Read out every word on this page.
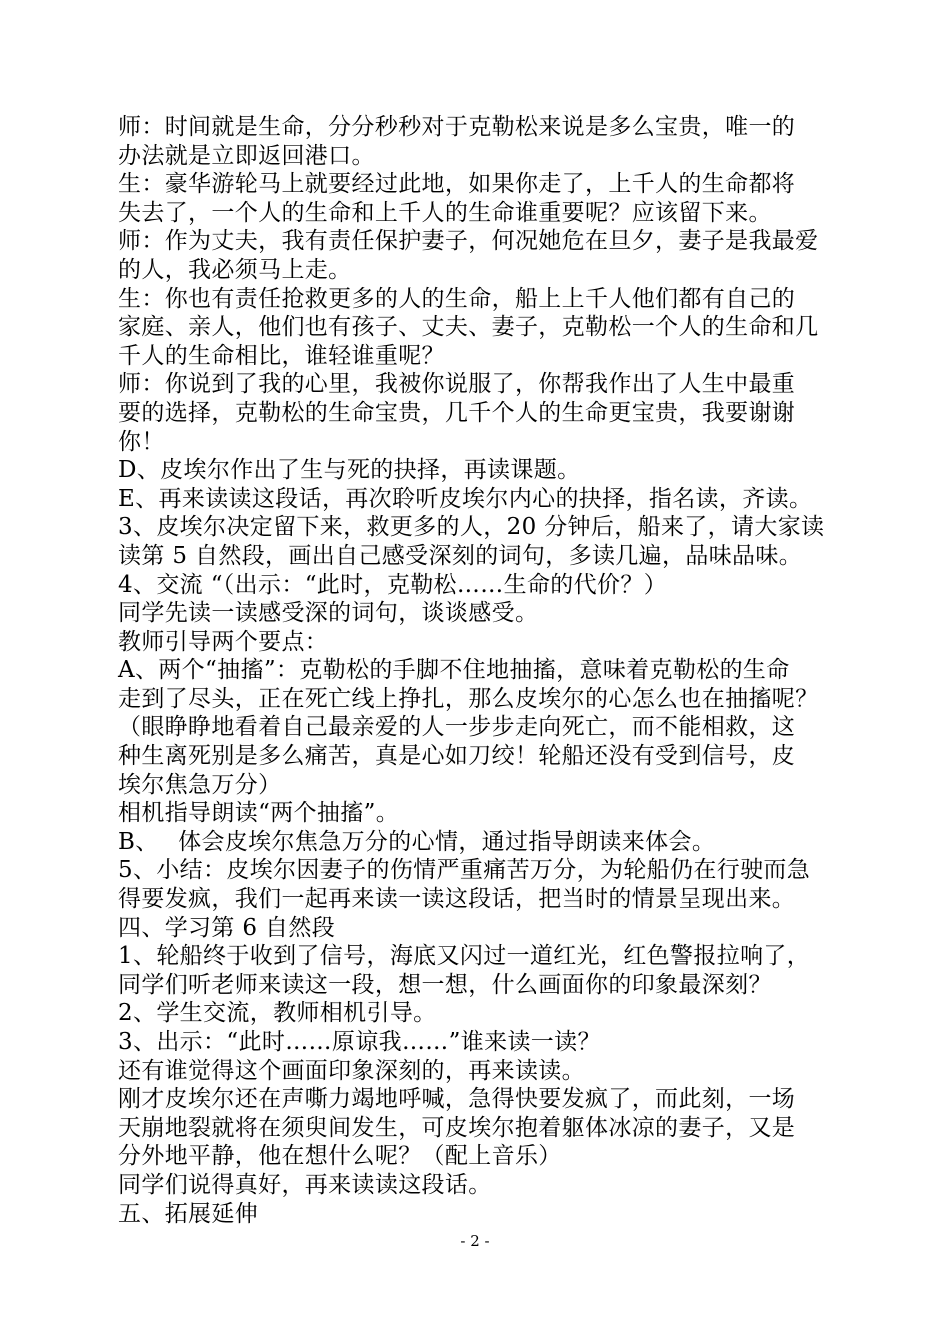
师：时间就是生命，分分秒秒对于克勒松来说是多么宝贵，唯一的
办法就是立即返回港口。
生：豪华游轮马上就要经过此地，如果你走了，上千人的生命都将
失去了，一个人的生命和上千人的生命谁重要呢？应该留下来。
师：作为丈夫，我有责任保护妻子，何况她危在旦夕，妻子是我最爱
的人，我必须马上走。
生：你也有责任抢救更多的人的生命，船上上千人他们都有自己的
家庭、亲人，他们也有孩子、丈夫、妻子，克勒松一个人的生命和几
千人的生命相比，谁轻谁重呢？
师：你说到了我的心里，我被你说服了，你帮我作出了人生中最重
要的选择，克勒松的生命宝贵，几千个人的生命更宝贵，我要谢谢
你！
D、皮埃尔作出了生与死的抉择，再读课题。
E、再来读读这段话，再次聆听皮埃尔内心的抉择，指名读，齐读。
3、皮埃尔决定留下来，救更多的人，20 分钟后，船来了，请大家读
读第 5 自然段，画出自己感受深刻的词句，多读几遍，品味品味。
4、交流 “（出示：“此时，克勒松……生命的代价？）
同学先读一读感受深的词句，谈谈感受。
教师引导两个要点：
A、两个“抽搐”：克勒松的手脚不住地抽搐，意味着克勒松的生命
走到了尽头，正在死亡线上挣扎，那么皮埃尔的心怎么也在抽搐呢？
（眼睁睁地看着自己最亲爱的人一步步走向死亡，而不能相救，这
种生离死别是多么痛苦，真是心如刀绞！轮船还没有受到信号，皮
埃尔焦急万分）
相机指导朗读“两个抽搐”。
B、　 体会皮埃尔焦急万分的心情，通过指导朗读来体会。
5、小结：皮埃尔因妻子的伤情严重痛苦万分，为轮船仍在行驶而急
得要发疯，我们一起再来读一读这段话，把当时的情景呈现出来。
四、学习第 6 自然段
1、轮船终于收到了信号，海底又闪过一道红光，红色警报拉响了，
同学们听老师来读这一段，想一想，什么画面你的印象最深刻？
2、学生交流，教师相机引导。
3、出示：“此时……原谅我……”谁来读一读？
还有谁觉得这个画面印象深刻的，再来读读。
刚才皮埃尔还在声嘶力竭地呼喊，急得快要发疯了，而此刻，一场
天崩地裂就将在须臾间发生，可皮埃尔抱着躯体冰凉的妻子，又是
分外地平静，他在想什么呢？（配上音乐）
同学们说得真好，再来读读这段话。
五、拓展延伸
- 2 -
